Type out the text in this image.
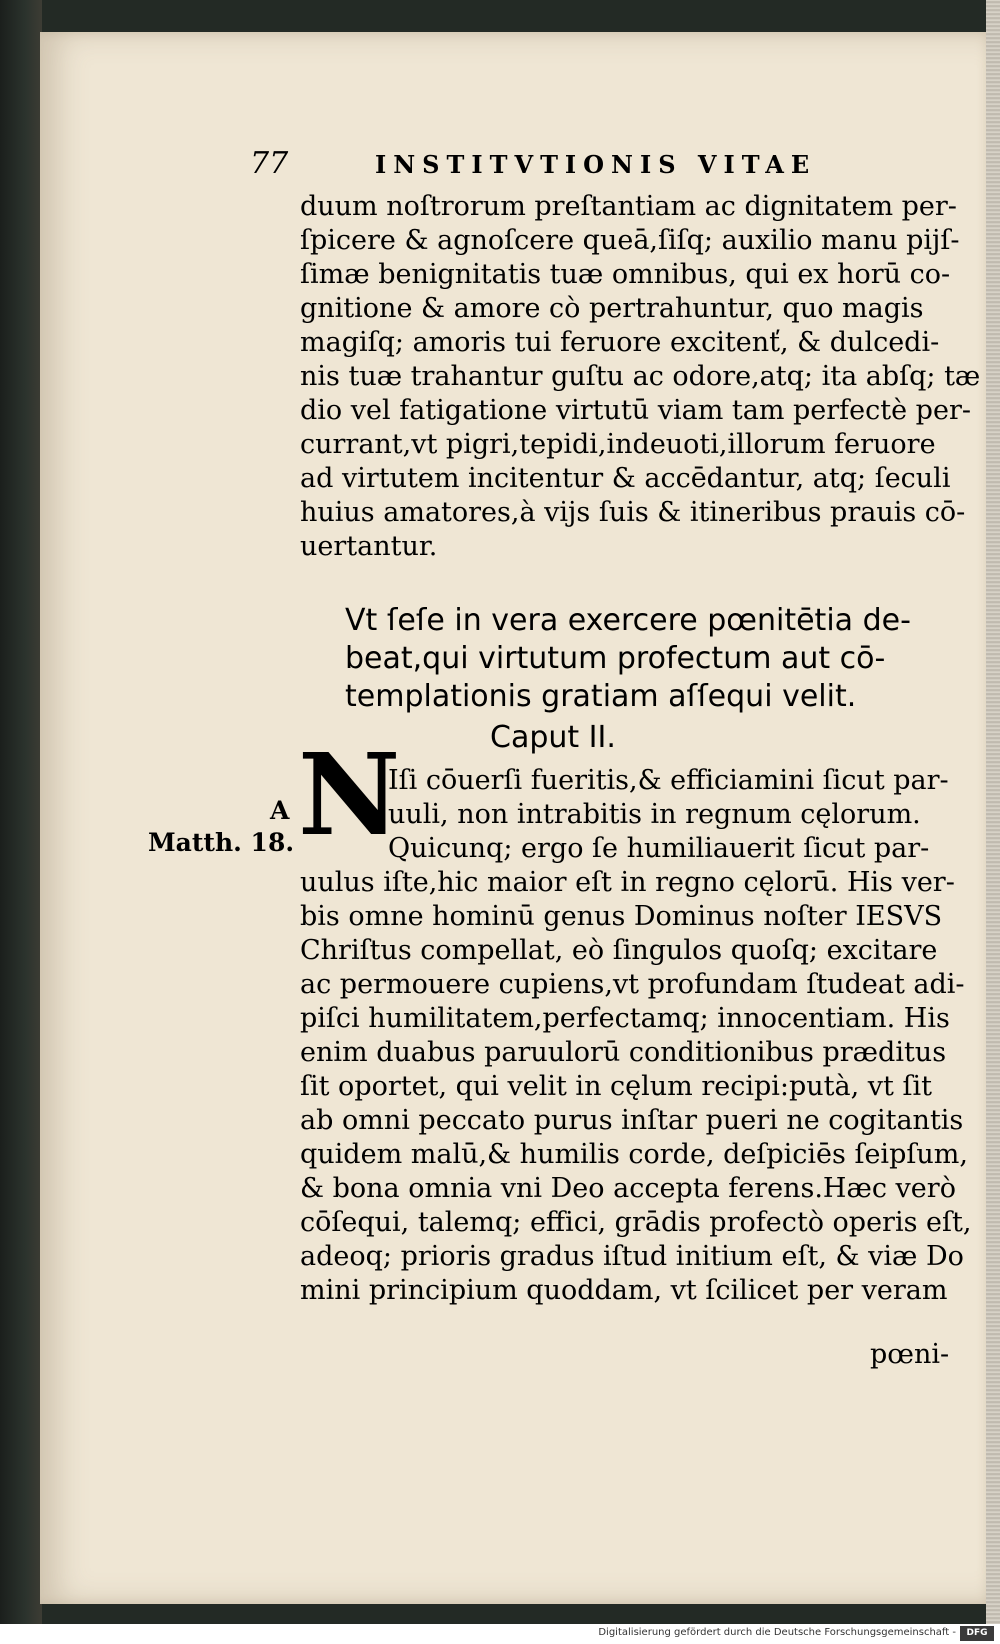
77	INSTITVTIONIS VITAE
duum noſtrorum preſtantiam ac dignitatem per-
ſpicere & agnoſcere queā,ſiſq; auxilio manu pijſ-
ſimæ benignitatis tuæ omnibus, qui ex horū co-
gnitione & amore cò pertrahuntur, quo magis
magiſq; amoris tui feruore excitenť, & dulcedi-
nis tuæ trahantur guſtu ac odore,atq; ita abſq; tæ
dio vel fatigatione virtutū viam tam perfectè per-
currant,vt pigri,tepidi,indeuoti,illorum feruore
ad virtutem incitentur & accēdantur, atq; ſeculi
huius amatores,à vijs ſuis & itineribus prauis cō-
uertantur.
Vt ſeſe in vera exercere pœnitētia de-
beat,qui virtutum profectum aut cō-
templationis gratiam aſſequi velit.
Caput II.
N
A
Matth. 18.
Iſi cōuerſi fueritis,& efficiamini ſicut par-
uuli, non intrabitis in regnum cęlorum.
Quicunq; ergo ſe humiliauerit ſicut par-
uulus iſte,hic maior eſt in regno cęlorū. His ver-
bis omne hominū genus Dominus noſter IESVS
Chriſtus compellat, eò ſingulos quoſq; excitare
ac permouere cupiens,vt profundam ſtudeat adi-
piſci humilitatem,perfectamq; innocentiam. His
enim duabus paruulorū conditionibus præditus
ſit oportet, qui velit in cęlum recipi:putà, vt ſit
ab omni peccato purus inſtar pueri ne cogitantis
quidem malū,& humilis corde, deſpiciēs ſeipſum,
& bona omnia vni Deo accepta ferens.Hæc verò
cōſequi, talemq; effici, grādis profectò operis eſt,
adeoq; prioris gradus iſtud initium eſt, & viæ Do
mini principium quoddam, vt ſcilicet per veram
pœni-
Digitalisierung gefördert durch die Deutsche Forschungsgemeinschaft -	DFG
